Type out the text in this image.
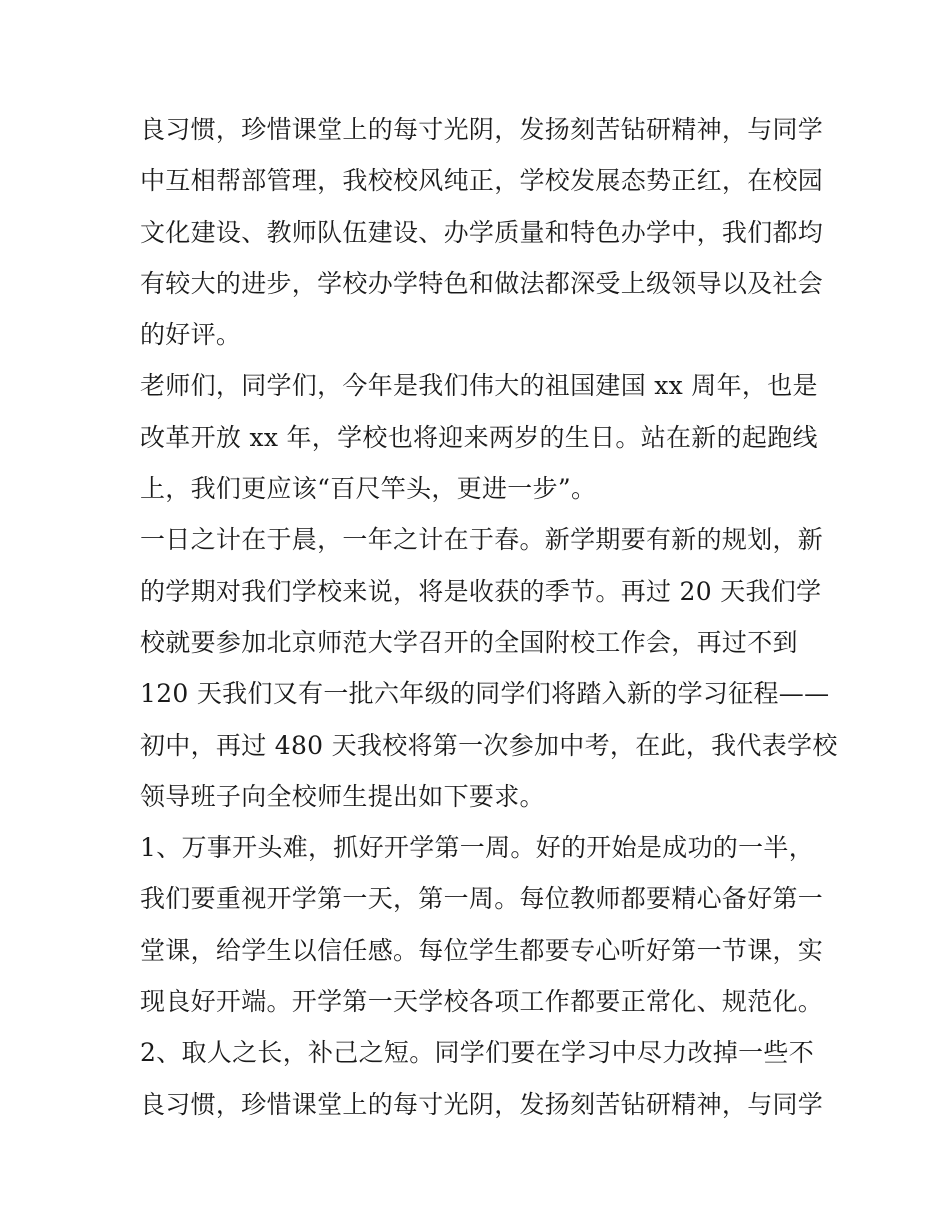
良习惯，珍惜课堂上的每寸光阴，发扬刻苦钻研精神，与同学
中互相帮部管理，我校校风纯正，学校发展态势正红，在校园
文化建设、教师队伍建设、办学质量和特色办学中，我们都均
有较大的进步，学校办学特色和做法都深受上级领导以及社会
的好评。
老师们，同学们，今年是我们伟大的祖国建国 xx 周年，也是
改革开放 xx 年，学校也将迎来两岁的生日。站在新的起跑线
上，我们更应该“百尺竿头，更进一步”。
一日之计在于晨，一年之计在于春。新学期要有新的规划，新
的学期对我们学校来说，将是收获的季节。再过 20 天我们学
校就要参加北京师范大学召开的全国附校工作会，再过不到
120 天我们又有一批六年级的同学们将踏入新的学习征程——
初中，再过 480 天我校将第一次参加中考，在此，我代表学校
领导班子向全校师生提出如下要求。
1、万事开头难，抓好开学第一周。好的开始是成功的一半，
我们要重视开学第一天，第一周。每位教师都要精心备好第一
堂课，给学生以信任感。每位学生都要专心听好第一节课，实
现良好开端。开学第一天学校各项工作都要正常化、规范化。
2、取人之长，补己之短。同学们要在学习中尽力改掉一些不
良习惯，珍惜课堂上的每寸光阴，发扬刻苦钻研精神，与同学
